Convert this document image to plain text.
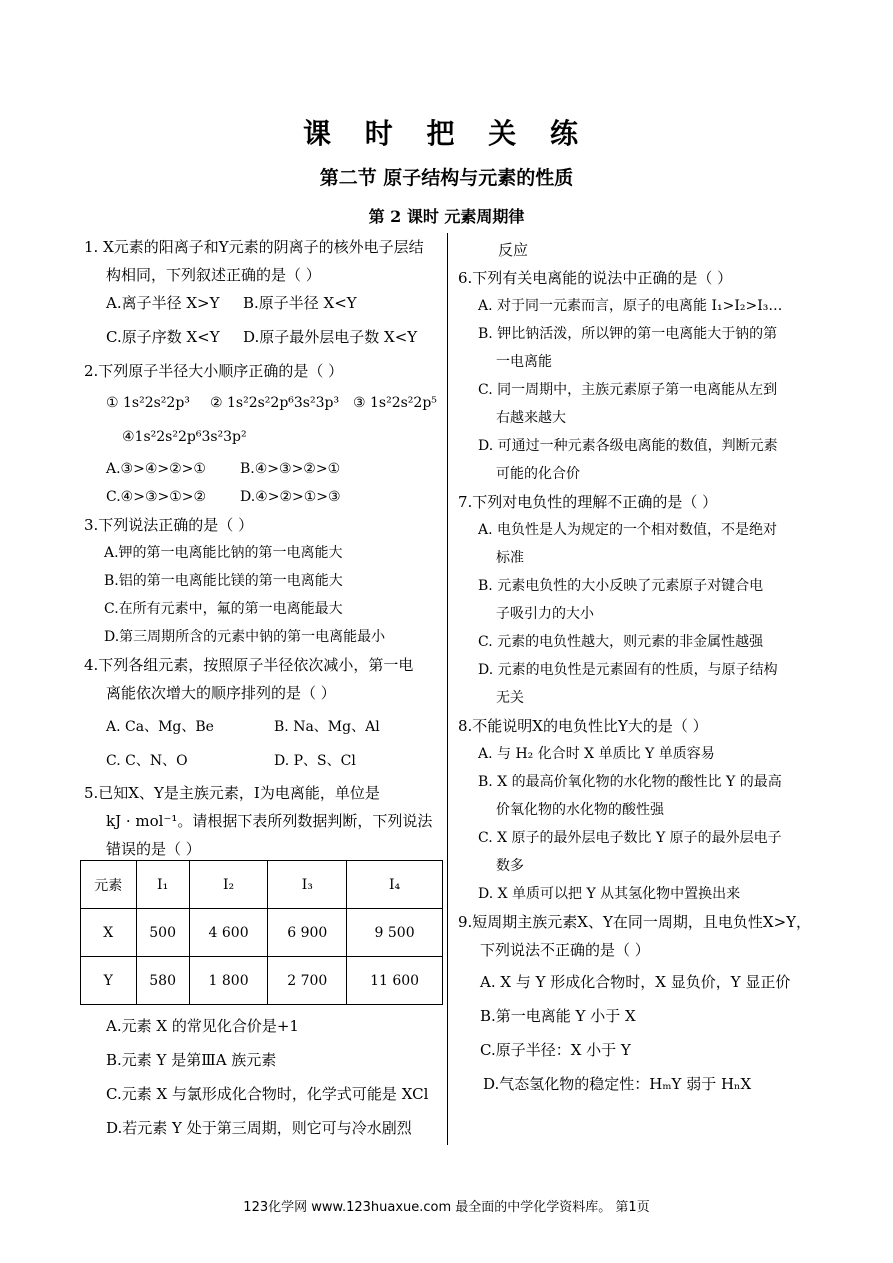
课 时 把 关 练
第二节 原子结构与元素的性质
第 2 课时 元素周期律
1. X元素的阳离子和Y元素的阴离子的核外电子层结
构相同，下列叙述正确的是（ ）
A.离子半径 X>Y	B.原子半径 X<Y
C.原子序数 X<Y	D.原子最外层电子数 X<Y
2.下列原子半径大小顺序正确的是（ ）
① 1s²2s²2p³	② 1s²2s²2p⁶3s²3p³ ③ 1s²2s²2p⁵
④1s²2s²2p⁶3s²3p²
A.③>④>②>①	B.④>③>②>①
C.④>③>①>②	D.④>②>①>③
3.下列说法正确的是（ ）
A.钾的第一电离能比钠的第一电离能大
B.铝的第一电离能比镁的第一电离能大
C.在所有元素中，氟的第一电离能最大
D.第三周期所含的元素中钠的第一电离能最小
4.下列各组元素，按照原子半径依次减小，第一电
离能依次增大的顺序排列的是（ ）
A. Ca、Mg、Be	B. Na、Mg、Al
C. C、N、O	D. P、S、Cl
5.已知X、Y是主族元素，I为电离能，单位是
kJ · mol⁻¹。请根据下表所列数据判断，下列说法
错误的是（ ）
元素	I₁	I₂	I₃	I₄
X	500	4 600	6 900	9 500
Y	580	1 800	2 700	11 600
A.元素 X 的常见化合价是+1
B.元素 Y 是第ⅢA 族元素
C.元素 X 与氯形成化合物时，化学式可能是 XCl
D.若元素 Y 处于第三周期，则它可与冷水剧烈
反应
6.下列有关电离能的说法中正确的是（ ）
A. 对于同一元素而言，原子的电离能 I₁>I₂>I₃…
B. 钾比钠活泼，所以钾的第一电离能大于钠的第
一电离能
C. 同一周期中，主族元素原子第一电离能从左到
右越来越大
D. 可通过一种元素各级电离能的数值，判断元素
可能的化合价
7.下列对电负性的理解不正确的是（ ）
A. 电负性是人为规定的一个相对数值，不是绝对
标准
B. 元素电负性的大小反映了元素原子对键合电
子吸引力的大小
C. 元素的电负性越大，则元素的非金属性越强
D. 元素的电负性是元素固有的性质，与原子结构
无关
8.不能说明X的电负性比Y大的是（ ）
A. 与 H₂ 化合时 X 单质比 Y 单质容易
B. X 的最高价氧化物的水化物的酸性比 Y 的最高
价氧化物的水化物的酸性强
C. X 原子的最外层电子数比 Y 原子的最外层电子
数多
D. X 单质可以把 Y 从其氢化物中置换出来
9.短周期主族元素X、Y在同一周期，且电负性X>Y，
下列说法不正确的是（ ）
A. X 与 Y 形成化合物时，X 显负价，Y 显正价
B.第一电离能 Y 小于 X
C.原子半径：X 小于 Y
D.气态氢化物的稳定性：HₘY 弱于 HₙX
123化学网 www.123huaxue.com 最全面的中学化学资料库。 第1页
